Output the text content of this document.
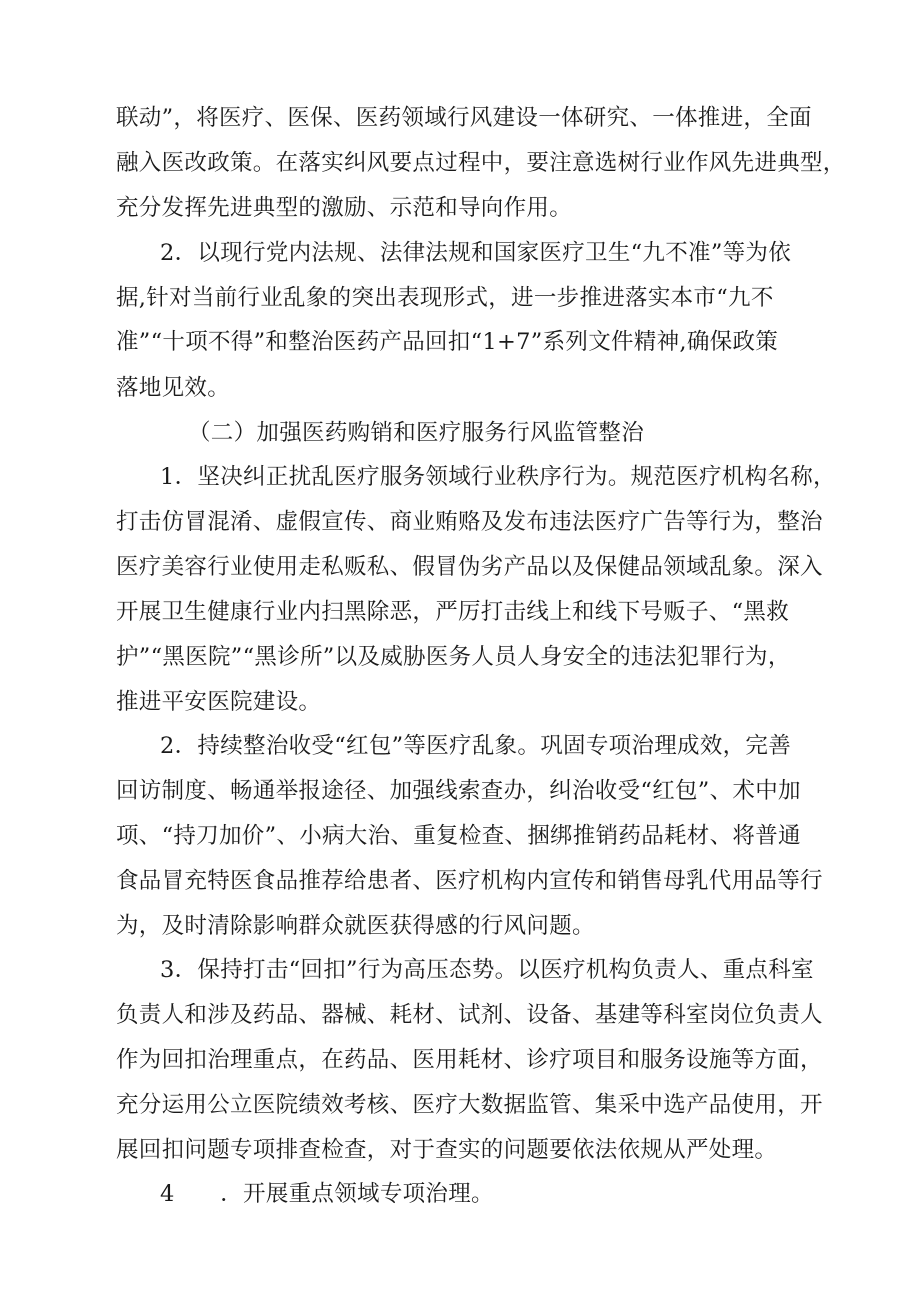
联动”，将医疗、医保、医药领域行风建设一体研究、一体推进，全面
融入医改政策。在落实纠风要点过程中，要注意选树行业作风先进典型，
充分发挥先进典型的激励、示范和导向作用。
2．以现行党内法规、法律法规和国家医疗卫生“九不准”等为依
据,针对当前行业乱象的突出表现形式，进一步推进落实本市“九不
准”“十项不得”和整治医药产品回扣“1+7”系列文件精神,确保政策
落地见效。
（二）加强医药购销和医疗服务行风监管整治
1．坚决纠正扰乱医疗服务领域行业秩序行为。规范医疗机构名称，
打击仿冒混淆、虚假宣传、商业贿赂及发布违法医疗广告等行为，整治
医疗美容行业使用走私贩私、假冒伪劣产品以及保健品领域乱象。深入
开展卫生健康行业内扫黑除恶，严厉打击线上和线下号贩子、“黑救
护”“黑医院”“黑诊所”以及威胁医务人员人身安全的违法犯罪行为，
推进平安医院建设。
2．持续整治收受“红包”等医疗乱象。巩固专项治理成效，完善
回访制度、畅通举报途径、加强线索查办，纠治收受“红包”、术中加
项、“持刀加价”、小病大治、重复检查、捆绑推销药品耗材、将普通
食品冒充特医食品推荐给患者、医疗机构内宣传和销售母乳代用品等行
为，及时清除影响群众就医获得感的行风问题。
3．保持打击“回扣”行为高压态势。以医疗机构负责人、重点科室
负责人和涉及药品、器械、耗材、试剂、设备、基建等科室岗位负责人
作为回扣治理重点，在药品、医用耗材、诊疗项目和服务设施等方面，
充分运用公立医院绩效考核、医疗大数据监管、集采中选产品使用，开
展回扣问题专项排查检查，对于查实的问题要依法依规从严处理。
4　　．开展重点领域专项治理。
